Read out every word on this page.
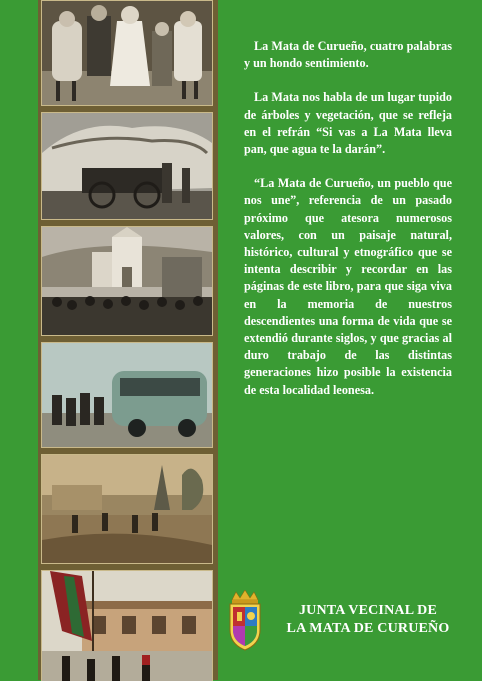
La Mata de Curueño, cuatro palabras y un hondo sentimiento.

La Mata nos habla de un lugar tupido de árboles y vegetación, que se refleja en el refrán “Si vas a La Mata lleva pan, que agua te la darán”.

“La Mata de Curueño, un pueblo que nos une”, referencia de un pasado próximo que atesora numerosos valores, con un paisaje natural, histórico, cultural y etnográfico que se intenta describir y recordar en las páginas de este libro, para que siga viva en la memoria de nuestros descendientes una forma de vida que se extendió durante siglos, y que gracias al duro trabajo de las distintas generaciones hizo posible la existencia de esta localidad leonesa.

JUNTA VECINAL DE
LA MATA DE CURUEÑO
